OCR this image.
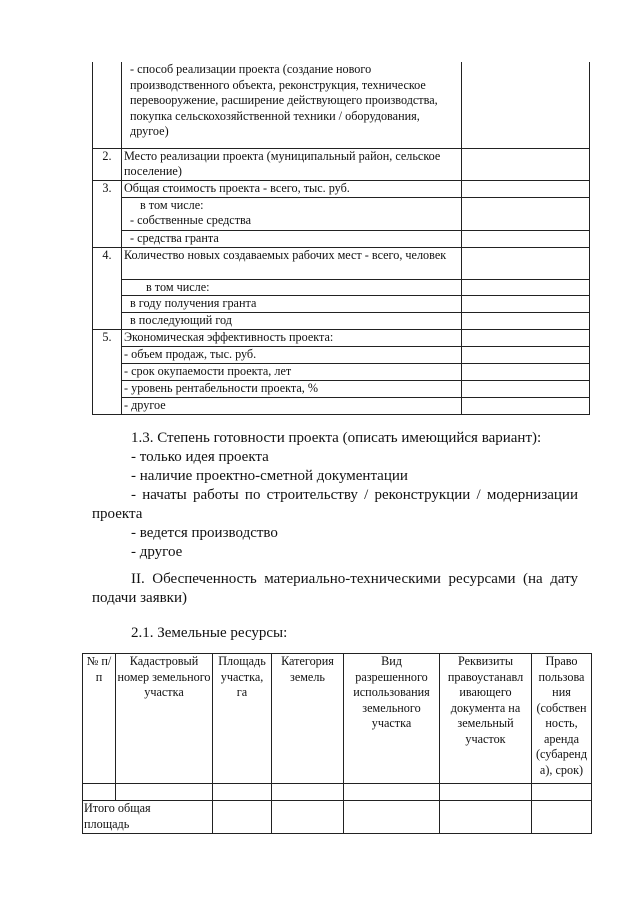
	- способ реализации проекта (создание нового производственного объекта, реконструкция, техническое перевооружение, расширение действующего производства, покупка сельскохозяйственной техники / оборудования, другое)	
2.	Место реализации проекта (муниципальный район, сельское поселение)	
3.	Общая стоимость проекта - всего, тыс. руб.	
	в том числе:	
	- собственные средства	
	- средства гранта	
4.	Количество новых создаваемых рабочих мест - всего, человек	
	в том числе:	
	в году получения гранта	
	в последующий год	
5.	Экономическая эффективность проекта:	
	- объем продаж, тыс. руб.	
	- срок окупаемости проекта, лет	
	- уровень рентабельности проекта, %	
	- другое	
1.3. Степень готовности проекта (описать имеющийся вариант):
- только идея проекта
- наличие проектно-сметной документации
- начаты работы по строительству / реконструкции / модернизации
проекта
- ведется производство
- другое
II. Обеспеченность материально-техническими ресурсами (на дату
подачи заявки)
2.1. Земельные ресурсы:
№ п/п	Кадастровый номер земельного участка	Площадь участка, га	Категория земель	Вид разрешенного использования земельного участка	Реквизиты правоустанавл ивающего документа на земельный участок	Право пользова ния (собствен ность, аренда (субаренд а), срок)

Итого общая площадь						
